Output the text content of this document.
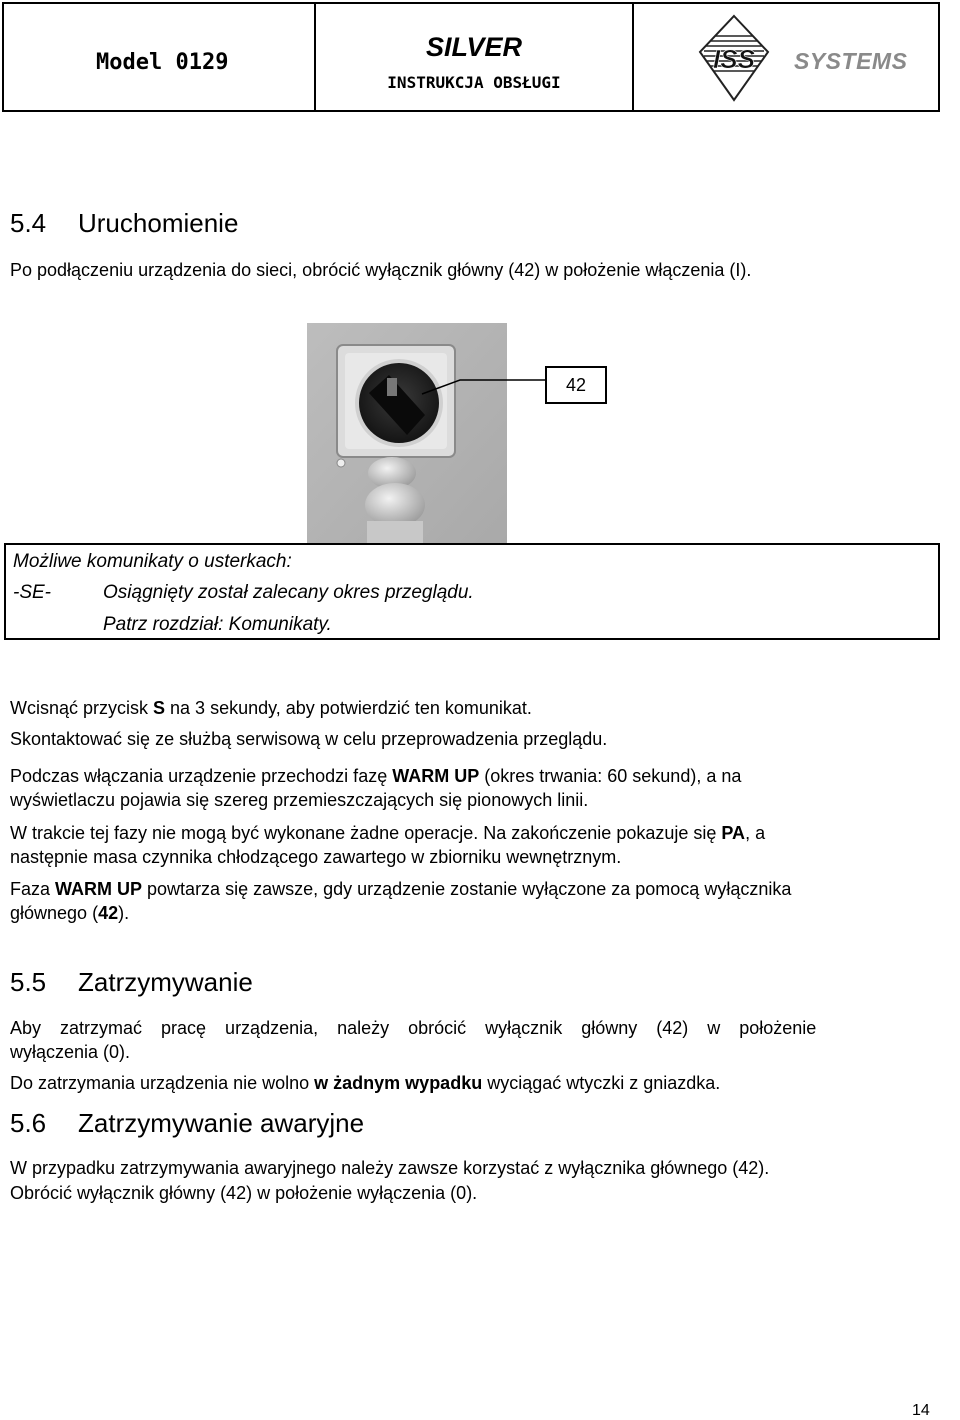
Model 0129
SILVER
INSTRUKCJA OBSŁUGI
ISS SYSTEMS
5.4 Uruchomienie

Po podłączeniu urządzenia do sieci, obrócić wyłącznik główny (42) w położenie włączenia (I).

42
Możliwe komunikaty o usterkach:
-SE-	Osiągnięty został zalecany okres przeglądu.
Patrz rozdział: Komunikaty.

Wcisnąć przycisk S na 3 sekundy, aby potwierdzić ten komunikat.

Skontaktować się ze służbą serwisową w celu przeprowadzenia przeglądu.

Podczas włączania urządzenie przechodzi fazę WARM UP (okres trwania: 60 sekund), a na

wyświetlaczu pojawia się szereg przemieszczających się pionowych linii.

W trakcie tej fazy nie mogą być wykonane żadne operacje. Na zakończenie pokazuje się PA, a

następnie masa czynnika chłodzącego zawartego w zbiorniku wewnętrznym.

Faza WARM UP powtarza się zawsze, gdy urządzenie zostanie wyłączone za pomocą wyłącznika

głównego (42).

5.5 Zatrzymywanie

Aby zatrzymać pracę urządzenia, należy obrócić wyłącznik główny (42) w położenie

wyłączenia (0).

Do zatrzymania urządzenia nie wolno w żadnym wypadku wyciągać wtyczki z gniazdka.

5.6 Zatrzymywanie awaryjne

W przypadku zatrzymywania awaryjnego należy zawsze korzystać z wyłącznika głównego (42).

Obrócić wyłącznik główny (42) w położenie wyłączenia (0).

14
